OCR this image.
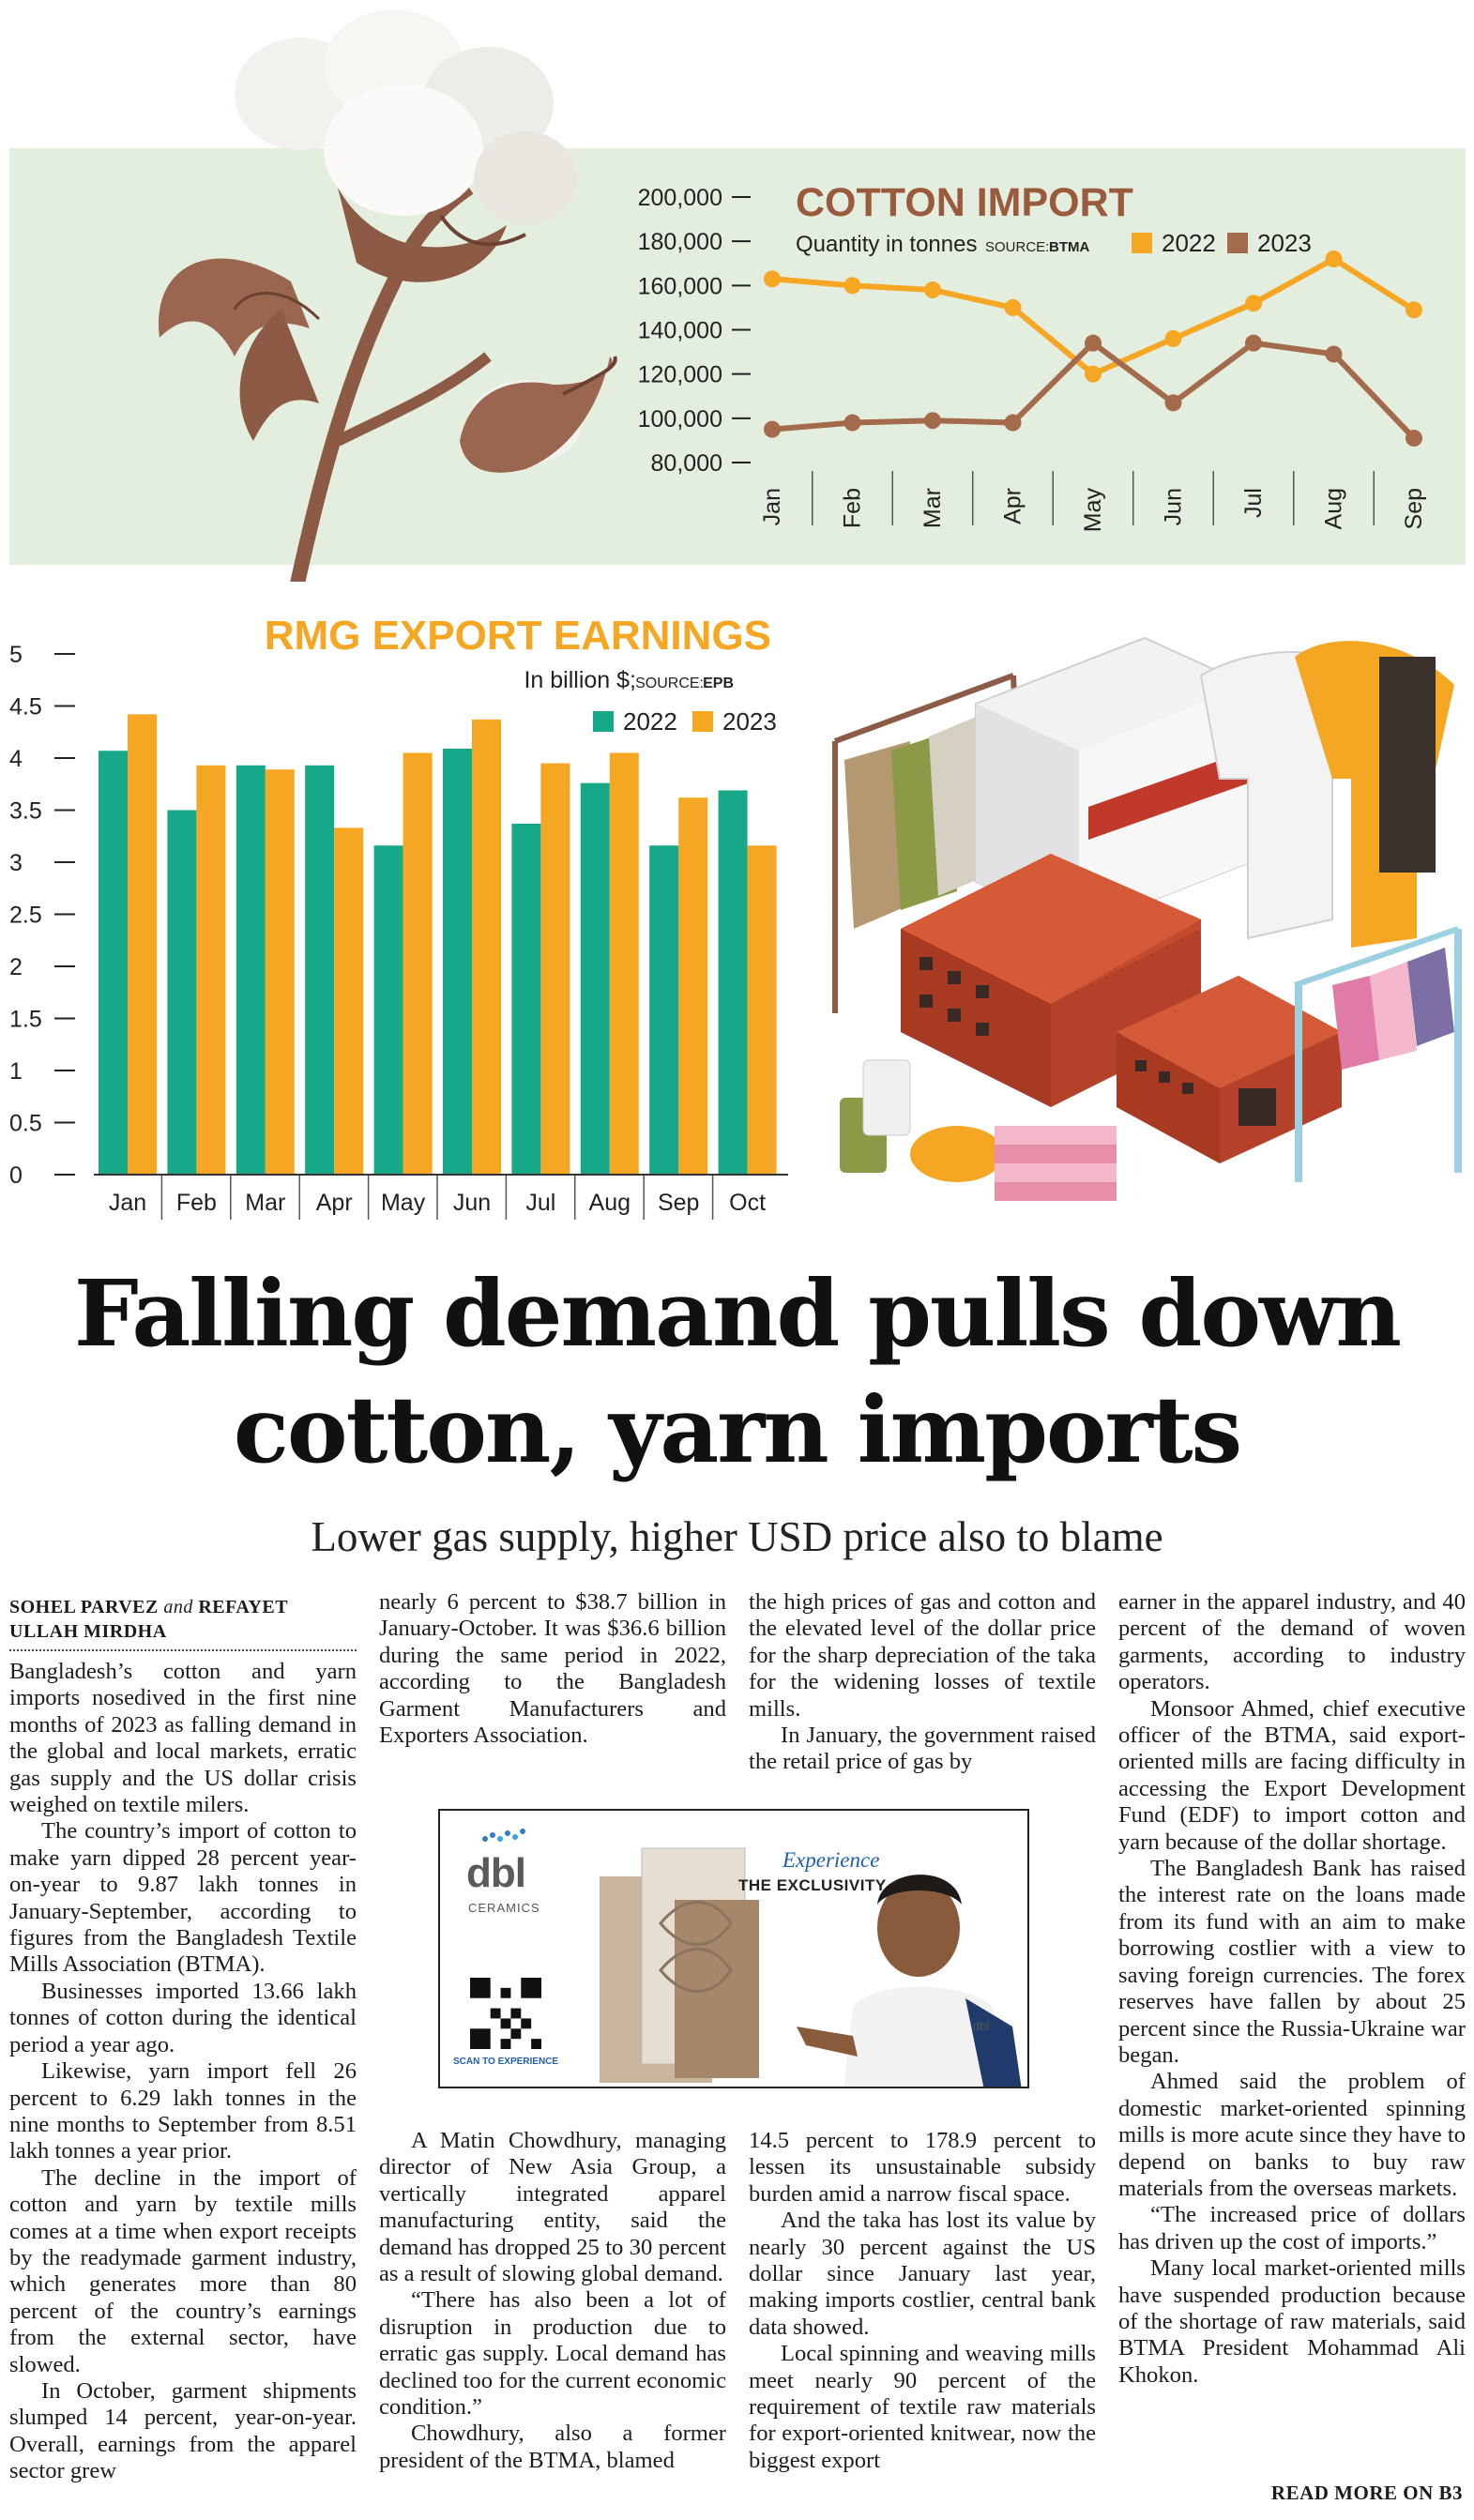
200,000
180,000
160,000
140,000
120,000
100,000
80,000
Jan Feb Mar Apr May Jun Jul Aug Sep
COTTON IMPORT
Quantity in tonnes SOURCE: BTMA	2022 2023
RMG EXPORT EARNINGS
In billion $; SOURCE: EPB
2022 2023
5
4.5
4
3.5
3
2.5
2
1.5
1
0.5
0
Jan Feb Mar Apr May Jun Jul Aug Sep Oct
Falling demand pulls down
cotton, yarn imports
Lower gas supply, higher USD price also to blame
SOHEL PARVEZ and REFAYET ULLAH MIRDHA

Bangladesh’s cotton and yarn imports nosedived in the first nine months of 2023 as falling demand in the global and local markets, erratic gas supply and the US dollar crisis weighed on textile milers.

The country’s import of cotton to make yarn dipped 28 percent year-on-year to 9.87 lakh tonnes in January-September, according to figures from the Bangladesh Textile Mills Association (BTMA).

Businesses imported 13.66 lakh tonnes of cotton during the identical period a year ago.

Likewise, yarn import fell 26 percent to 6.29 lakh tonnes in the nine months to September from 8.51 lakh tonnes a year prior.

The decline in the import of cotton and yarn by textile mills comes at a time when export receipts by the readymade garment industry, which generates more than 80 percent of the country’s earnings from the external sector, have slowed.

In October, garment shipments slumped 14 percent, year-on-year. Overall, earnings from the apparel sector grew

nearly 6 percent to $38.7 billion in January-October. It was $36.6 billion during the same period in 2022, according to the Bangladesh Garment Manufacturers and Exporters Association.

A Matin Chowdhury, managing director of New Asia Group, a vertically integrated apparel manufacturing entity, said the demand has dropped 25 to 30 percent as a result of slowing global demand.

“There has also been a lot of disruption in production due to erratic gas supply. Local demand has declined too for the current economic condition.”

Chowdhury, also a former president of the BTMA, blamed

the high prices of gas and cotton and the elevated level of the dollar price for the sharp depreciation of the taka for the widening losses of textile mills.

In January, the government raised the retail price of gas by

14.5 percent to 178.9 percent to lessen its unsustainable subsidy burden amid a narrow fiscal space.

And the taka has lost its value by nearly 30 percent against the US dollar since January last year, making imports costlier, central bank data showed.

Local spinning and weaving mills meet nearly 90 percent of the requirement of textile raw materials for export-oriented knitwear, now the biggest export

earner in the apparel industry, and 40 percent of the demand of woven garments, according to industry operators.

Monsoor Ahmed, chief executive officer of the BTMA, said export-oriented mills are facing difficulty in accessing the Export Development Fund (EDF) to import cotton and yarn because of the dollar shortage.

The Bangladesh Bank has raised the interest rate on the loans made from its fund with an aim to make borrowing costlier with a view to saving foreign currencies. The forex reserves have fallen by about 25 percent since the Russia-Ukraine war began.

Ahmed said the problem of domestic market-oriented spinning mills is more acute since they have to depend on banks to buy raw materials from the overseas markets.

“The increased price of dollars has driven up the cost of imports.”

Many local market-oriented mills have suspended production because of the shortage of raw materials, said BTMA President Mohammad Ali Khokon.

READ MORE ON B3
dbl
CERAMICS
SCAN TO EXPERIENCE
Experience
THE EXCLUSIVITY
dbl
